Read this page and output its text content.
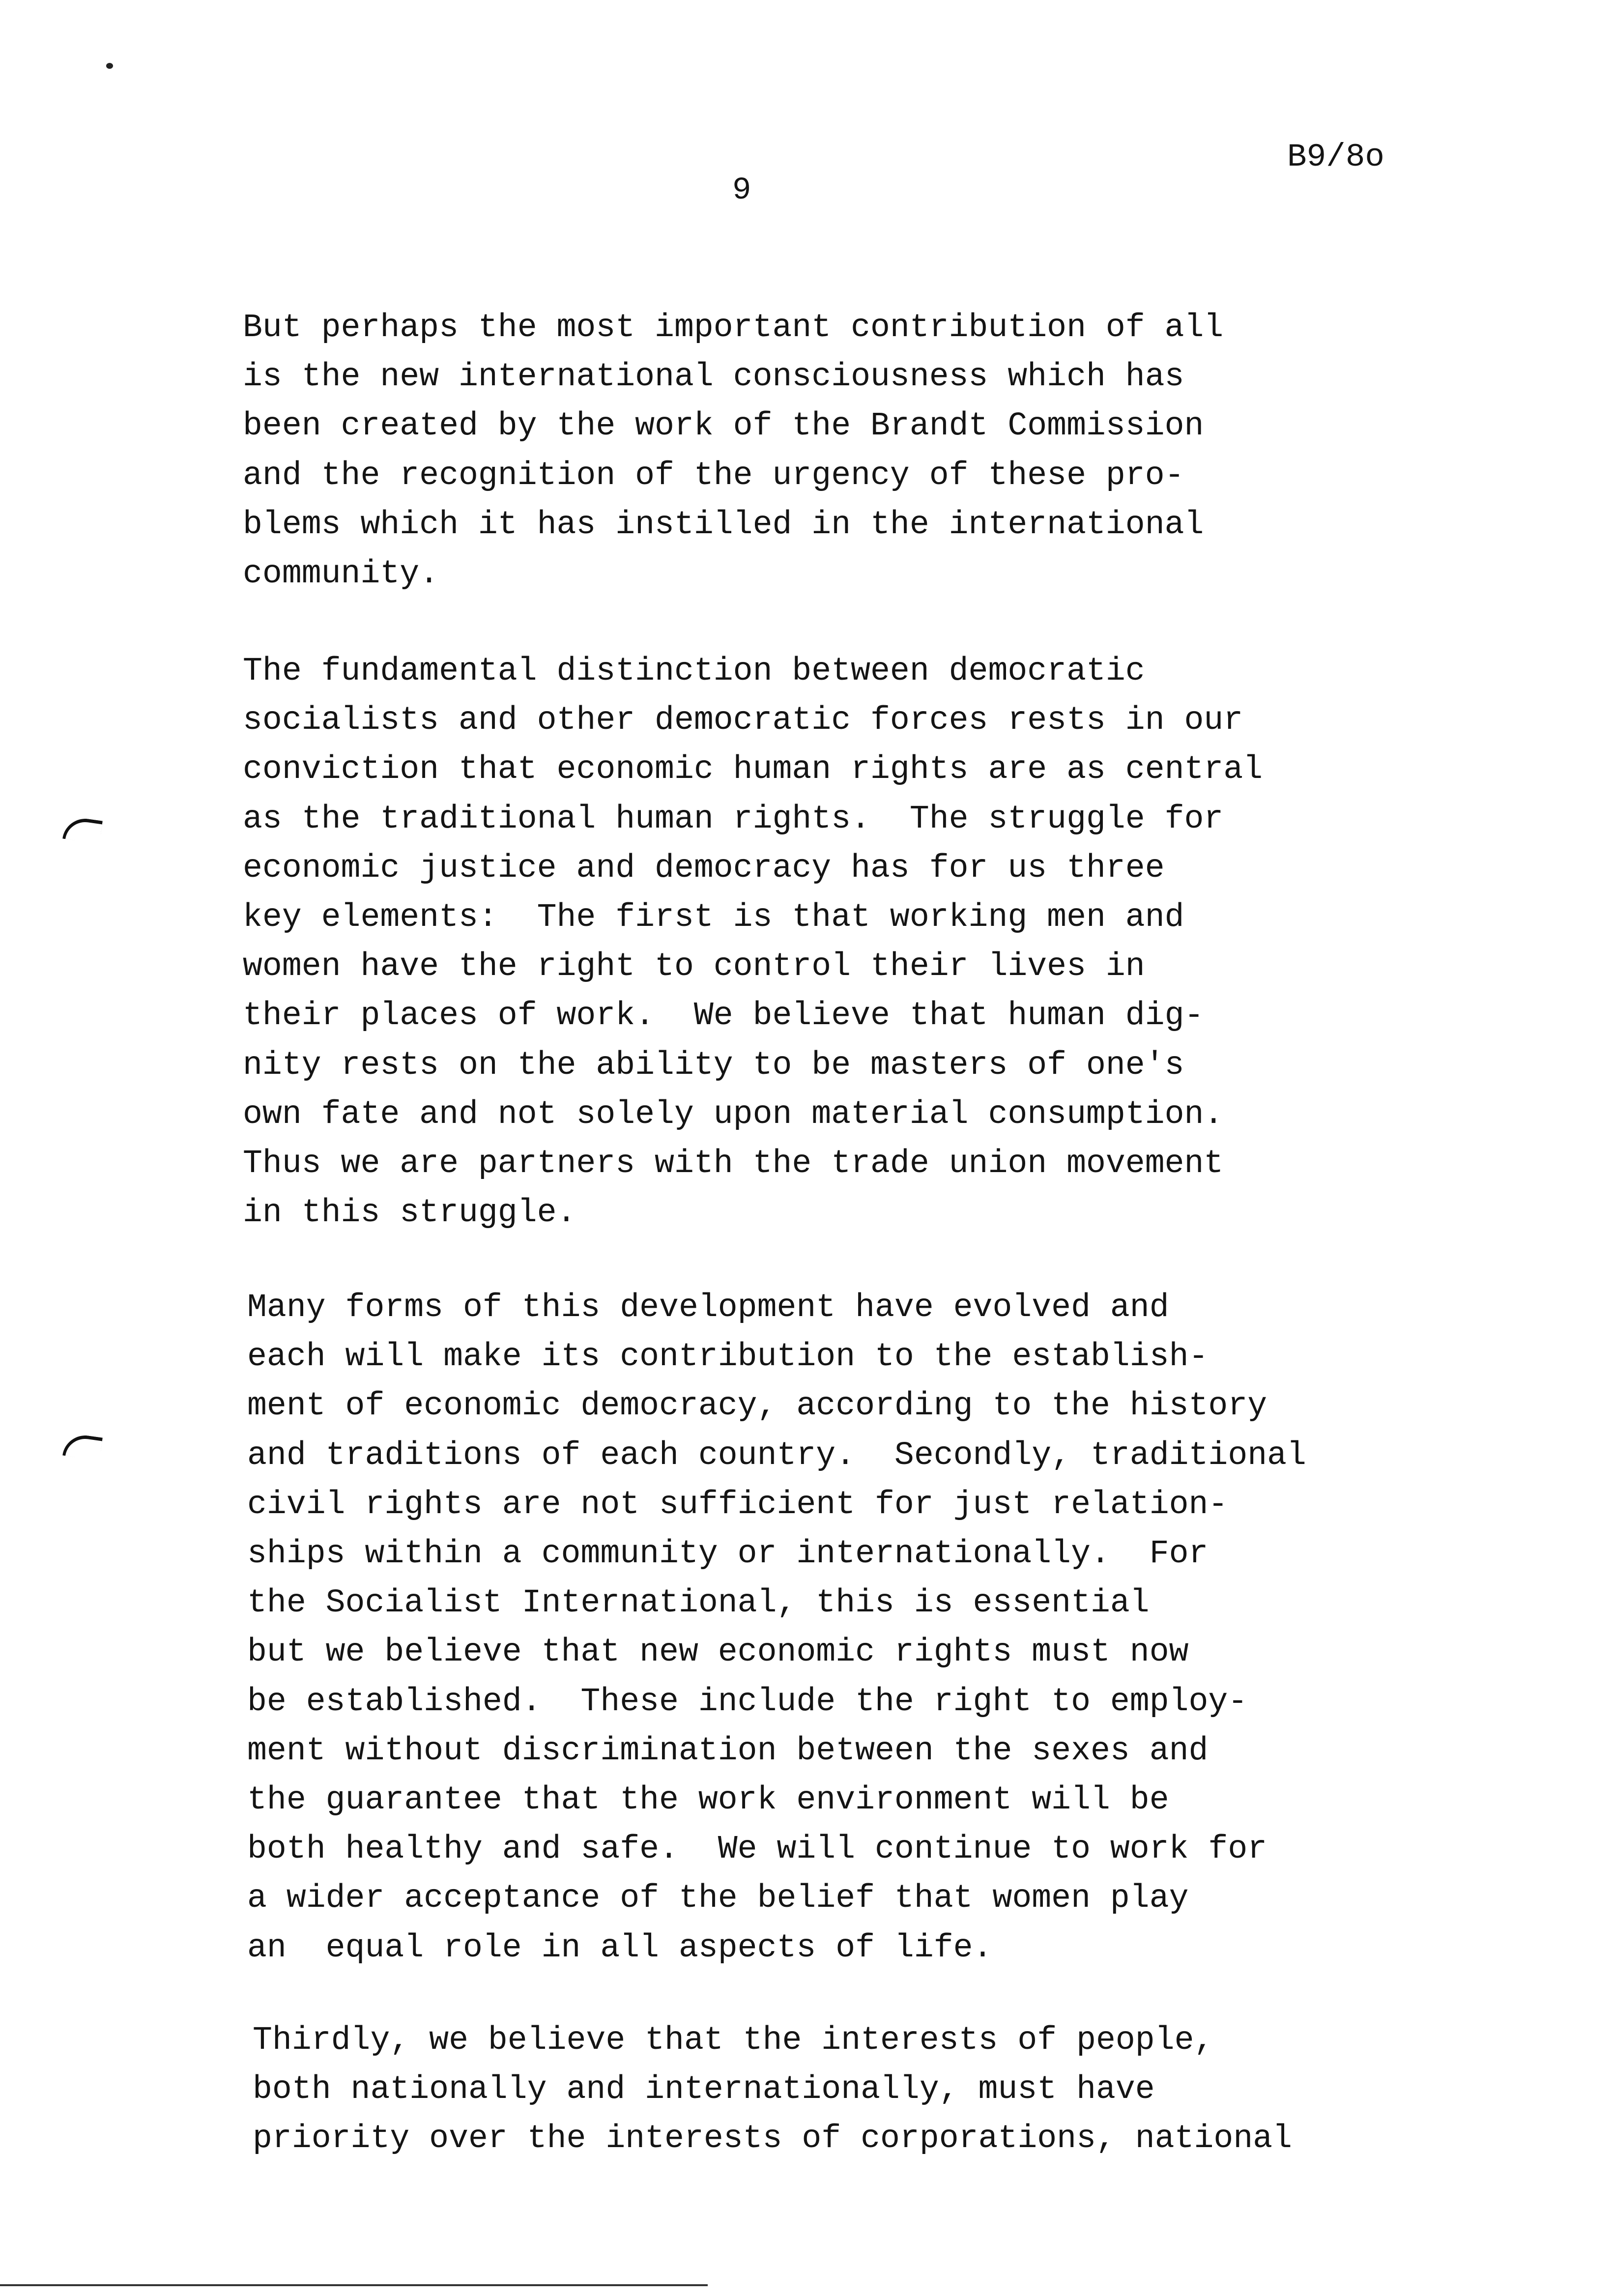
B9/8o
9
But perhaps the most important contribution of all
is the new international consciousness which has
been created by the work of the Brandt Commission
and the recognition of the urgency of these pro-
blems which it has instilled in the international
community.
The fundamental distinction between democratic
socialists and other democratic forces rests in our
conviction that economic human rights are as central
as the traditional human rights.  The struggle for
economic justice and democracy has for us three
key elements:  The first is that working men and
women have the right to control their lives in
their places of work.  We believe that human dig-
nity rests on the ability to be masters of one's
own fate and not solely upon material consumption.
Thus we are partners with the trade union movement
in this struggle.
Many forms of this development have evolved and
each will make its contribution to the establish-
ment of economic democracy, according to the history
and traditions of each country.  Secondly, traditional
civil rights are not sufficient for just relation-
ships within a community or internationally.  For
the Socialist International, this is essential
but we believe that new economic rights must now
be established.  These include the right to employ-
ment without discrimination between the sexes and
the guarantee that the work environment will be
both healthy and safe.  We will continue to work for
a wider acceptance of the belief that women play
an  equal role in all aspects of life.
Thirdly, we believe that the interests of people,
both nationally and internationally, must have
priority over the interests of corporations, national
